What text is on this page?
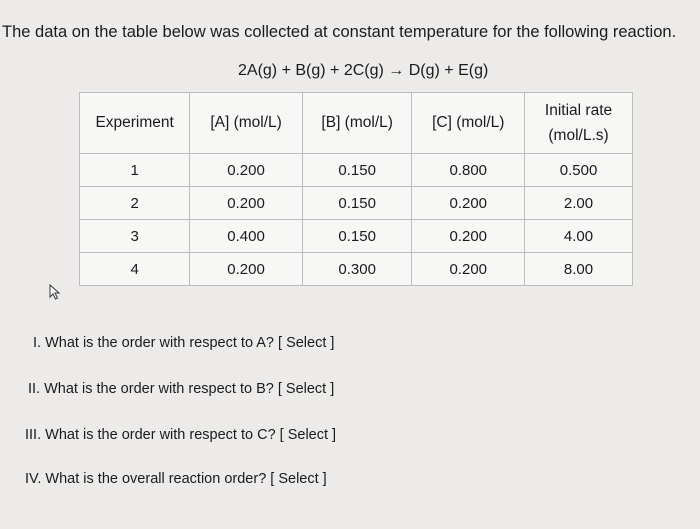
The data on the table below was collected at constant temperature for the following reaction.
2A(g) + B(g) + 2C(g) → D(g) + E(g)
Experiment	[A] (mol/L)	[B] (mol/L)	[C] (mol/L)	Initial rate
(mol/L.s)

1	0.200	0.150	0.800	0.500
2	0.200	0.150	0.200	2.00
3	0.400	0.150	0.200	4.00
4	0.200	0.300	0.200	8.00
I. What is the order with respect to A? [ Select ]
II. What is the order with respect to B? [ Select ]
III. What is the order with respect to C? [ Select ]
IV. What is the overall reaction order? [ Select ]
